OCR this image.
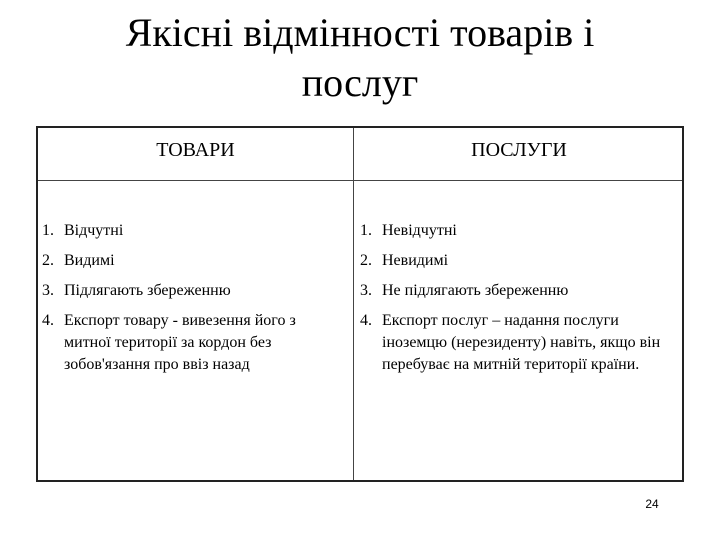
Якісні відмінності товарів і
послуг
ТОВАРИ	ПОСЛУГИ
1. Відчутні
2. Видимі
3. Підлягають збереженню
4. Експорт товару - вивезення його з митної території за кордон без зобов'язання про ввіз назад
1. Невідчутні
2. Невидимі
3. Не підлягають збереженню
4. Експорт послуг – надання послуги іноземцю (нерезиденту) навіть, якщо він перебуває на митній території країни.
24
